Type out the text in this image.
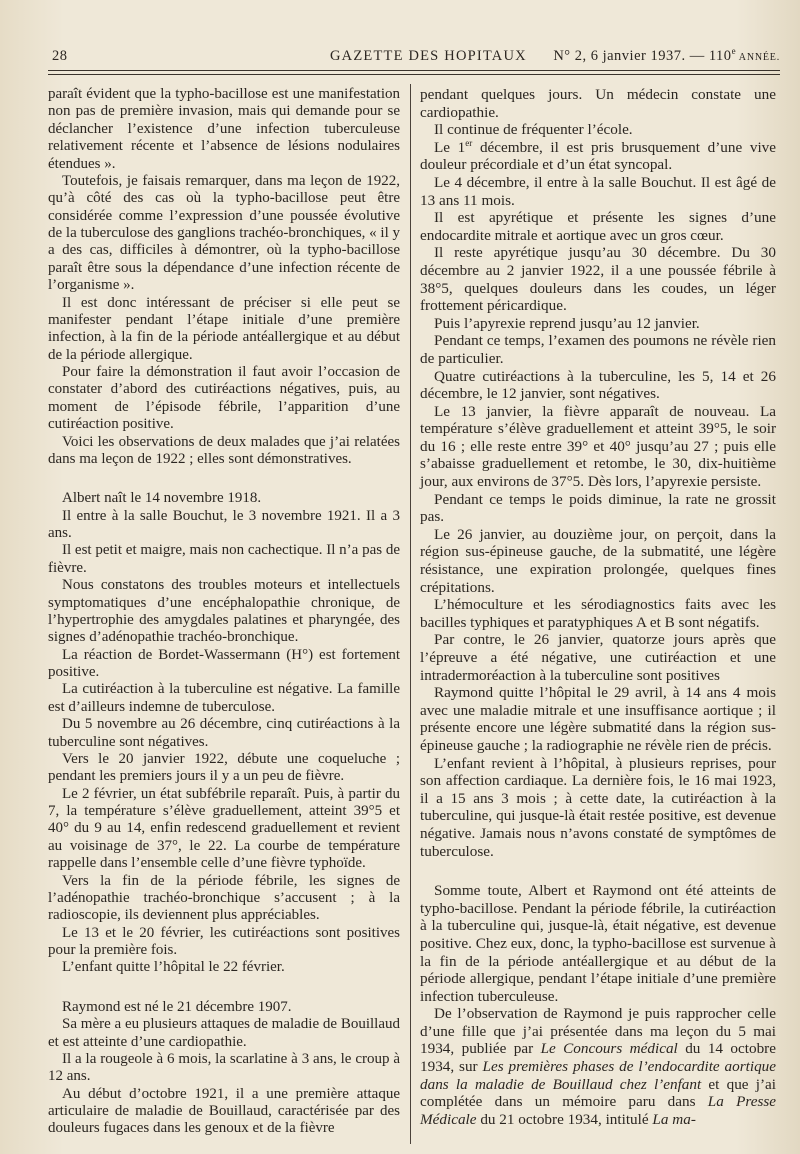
28	GAZETTE DES HOPITAUX N° 2, 6 janvier 1937. — 110e ANNÉE.

paraît évident que la typho-bacillose est une manifestation non pas de première invasion, mais qui demande pour se déclancher l’existence d’une infection tuberculeuse relativement récente et l’absence de lésions nodulaires étendues ».

Toutefois, je faisais remarquer, dans ma leçon de 1922, qu’à côté des cas où la typho-bacillose peut être considérée comme l’expression d’une poussée évolutive de la tuberculose des ganglions trachéo-bronchiques, « il y a des cas, difficiles à démontrer, où la typho-bacillose paraît être sous la dépendance d’une infection récente de l’organisme ».

Il est donc intéressant de préciser si elle peut se manifester pendant l’étape initiale d’une première infection, à la fin de la période antéallergique et au début de la période allergique.

Pour faire la démonstration il faut avoir l’occasion de constater d’abord des cutiréactions négatives, puis, au moment de l’épisode fébrile, l’apparition d’une cutiréaction positive.

Voici les observations de deux malades que j’ai relatées dans ma leçon de 1922 ; elles sont démonstratives.

Albert naît le 14 novembre 1918.

Il entre à la salle Bouchut, le 3 novembre 1921. Il a 3 ans.

Il est petit et maigre, mais non cachectique. Il n’a pas de fièvre.

Nous constatons des troubles moteurs et intellectuels symptomatiques d’une encéphalopathie chronique, de l’hypertrophie des amygdales palatines et pharyngée, des signes d’adénopathie trachéo-bronchique.

La réaction de Bordet-Wassermann (H°) est fortement positive.

La cutiréaction à la tuberculine est négative. La famille est d’ailleurs indemne de tuberculose.

Du 5 novembre au 26 décembre, cinq cutiréactions à la tuberculine sont négatives.

Vers le 20 janvier 1922, débute une coqueluche ; pendant les premiers jours il y a un peu de fièvre.

Le 2 février, un état subfébrile reparaît. Puis, à partir du 7, la température s’élève graduellement, atteint 39°5 et 40° du 9 au 14, enfin redescend graduellement et revient au voisinage de 37°, le 22. La courbe de température rappelle dans l’ensemble celle d’une fièvre typhoïde.

Vers la fin de la période fébrile, les signes de l’adénopathie trachéo-bronchique s’accusent ; à la radioscopie, ils deviennent plus appréciables.

Le 13 et le 20 février, les cutiréactions sont positives pour la première fois.

L’enfant quitte l’hôpital le 22 février.

Raymond est né le 21 décembre 1907.

Sa mère a eu plusieurs attaques de maladie de Bouillaud et est atteinte d’une cardiopathie.

Il a la rougeole à 6 mois, la scarlatine à 3 ans, le croup à 12 ans.

Au début d’octobre 1921, il a une première attaque articulaire de maladie de Bouillaud, caractérisée par des douleurs fugaces dans les genoux et de la fièvre

pendant quelques jours. Un médecin constate une cardiopathie.

Il continue de fréquenter l’école.

Le 1er décembre, il est pris brusquement d’une vive douleur précordiale et d’un état syncopal.

Le 4 décembre, il entre à la salle Bouchut. Il est âgé de 13 ans 11 mois.

Il est apyrétique et présente les signes d’une endocardite mitrale et aortique avec un gros cœur.

Il reste apyrétique jusqu’au 30 décembre. Du 30 décembre au 2 janvier 1922, il a une poussée fébrile à 38°5, quelques douleurs dans les coudes, un léger frottement péricardique.

Puis l’apyrexie reprend jusqu’au 12 janvier.

Pendant ce temps, l’examen des poumons ne révèle rien de particulier.

Quatre cutiréactions à la tuberculine, les 5, 14 et 26 décembre, le 12 janvier, sont négatives.

Le 13 janvier, la fièvre apparaît de nouveau. La température s’élève graduellement et atteint 39°5, le soir du 16 ; elle reste entre 39° et 40° jusqu’au 27 ; puis elle s’abaisse graduellement et retombe, le 30, dix-huitième jour, aux environs de 37°5. Dès lors, l’apyrexie persiste.

Pendant ce temps le poids diminue, la rate ne grossit pas.

Le 26 janvier, au douzième jour, on perçoit, dans la région sus-épineuse gauche, de la submatité, une légère résistance, une expiration prolongée, quelques fines crépitations.

L’hémoculture et les sérodiagnostics faits avec les bacilles typhiques et paratyphiques A et B sont négatifs.

Par contre, le 26 janvier, quatorze jours après que l’épreuve a été négative, une cutiréaction et une intradermoréaction à la tuberculine sont positives

Raymond quitte l’hôpital le 29 avril, à 14 ans 4 mois avec une maladie mitrale et une insuffisance aortique ; il présente encore une légère submatité dans la région sus-épineuse gauche ; la radiographie ne révèle rien de précis.

L’enfant revient à l’hôpital, à plusieurs reprises, pour son affection cardiaque. La dernière fois, le 16 mai 1923, il a 15 ans 3 mois ; à cette date, la cutiréaction à la tuberculine, qui jusque-là était restée positive, est devenue négative. Jamais nous n’avons constaté de symptômes de tuberculose.

Somme toute, Albert et Raymond ont été atteints de typho-bacillose. Pendant la période fébrile, la cutiréaction à la tuberculine qui, jusque-là, était négative, est devenue positive. Chez eux, donc, la typho-bacillose est survenue à la fin de la période antéallergique et au début de la période allergique, pendant l’étape initiale d’une première infection tuberculeuse.

De l’observation de Raymond je puis rapprocher celle d’une fille que j’ai présentée dans ma leçon du 5 mai 1934, publiée par Le Concours médical du 14 octobre 1934, sur Les premières phases de l’endocardite aortique dans la maladie de Bouillaud chez l’enfant et que j’ai complétée dans un mémoire paru dans La Presse Médicale du 21 octobre 1934, intitulé La ma-
